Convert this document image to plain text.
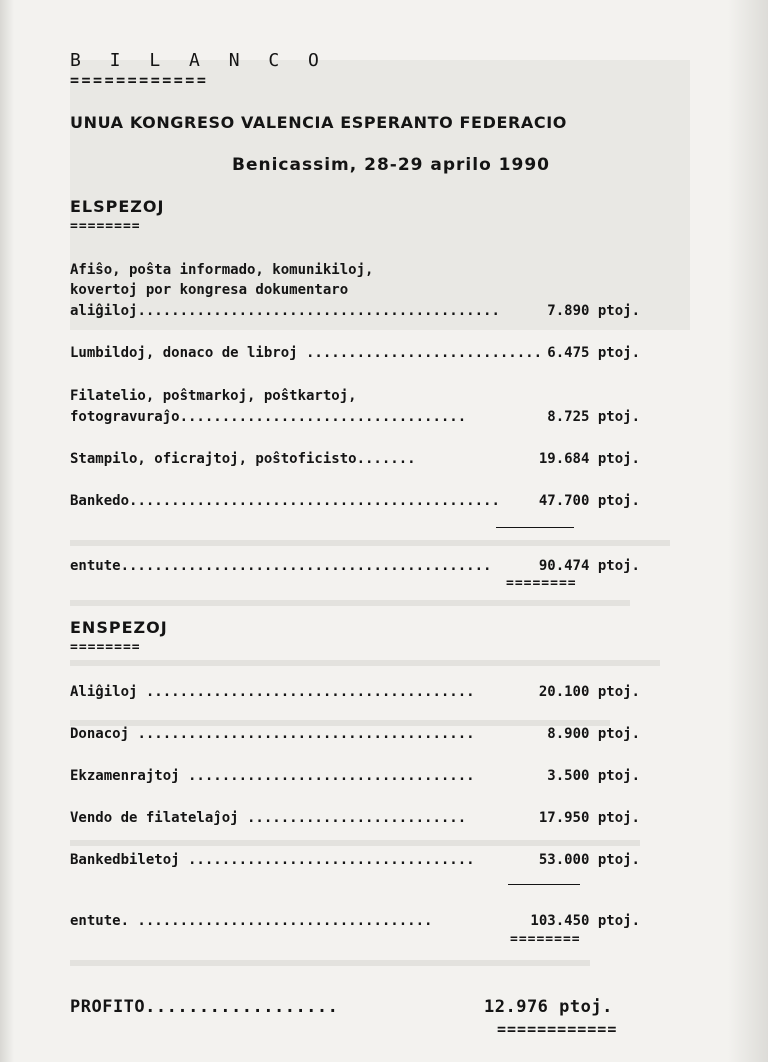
B I L A N C O
============
UNUA KONGRESO VALENCIA ESPERANTO FEDERACIO
Benicassim, 28-29 aprilo 1990
ELSPEZOJ
========
Afiŝo, poŝta informado, komunikiloj,
kovertoj por kongresa dokumentaro
aliĝiloj...........................................	7.890 ptoj.
Lumbildoj, donaco de libroj ............................ 6.475 ptoj.
Filatelio, poŝtmarkoj, poŝtkartoj,
fotogravuraĵo..................................	8.725 ptoj.
Stampilo, oficrajtoj, poŝtoficisto.......	19.684 ptoj.
Bankedo............................................	47.700 ptoj.
entute............................................	90.474 ptoj.
========
ENSPEZOJ
========
Aliĝiloj .......................................	20.100 ptoj.
Donacoj ........................................	8.900 ptoj.
Ekzamenrajtoj ..................................	3.500 ptoj.
Vendo de filatelaĵoj ..........................	17.950 ptoj.
Bankedbiletoj ..................................	53.000 ptoj.
entute. ...................................	103.450 ptoj.
========
PROFITO..................	12.976 ptoj.
============
